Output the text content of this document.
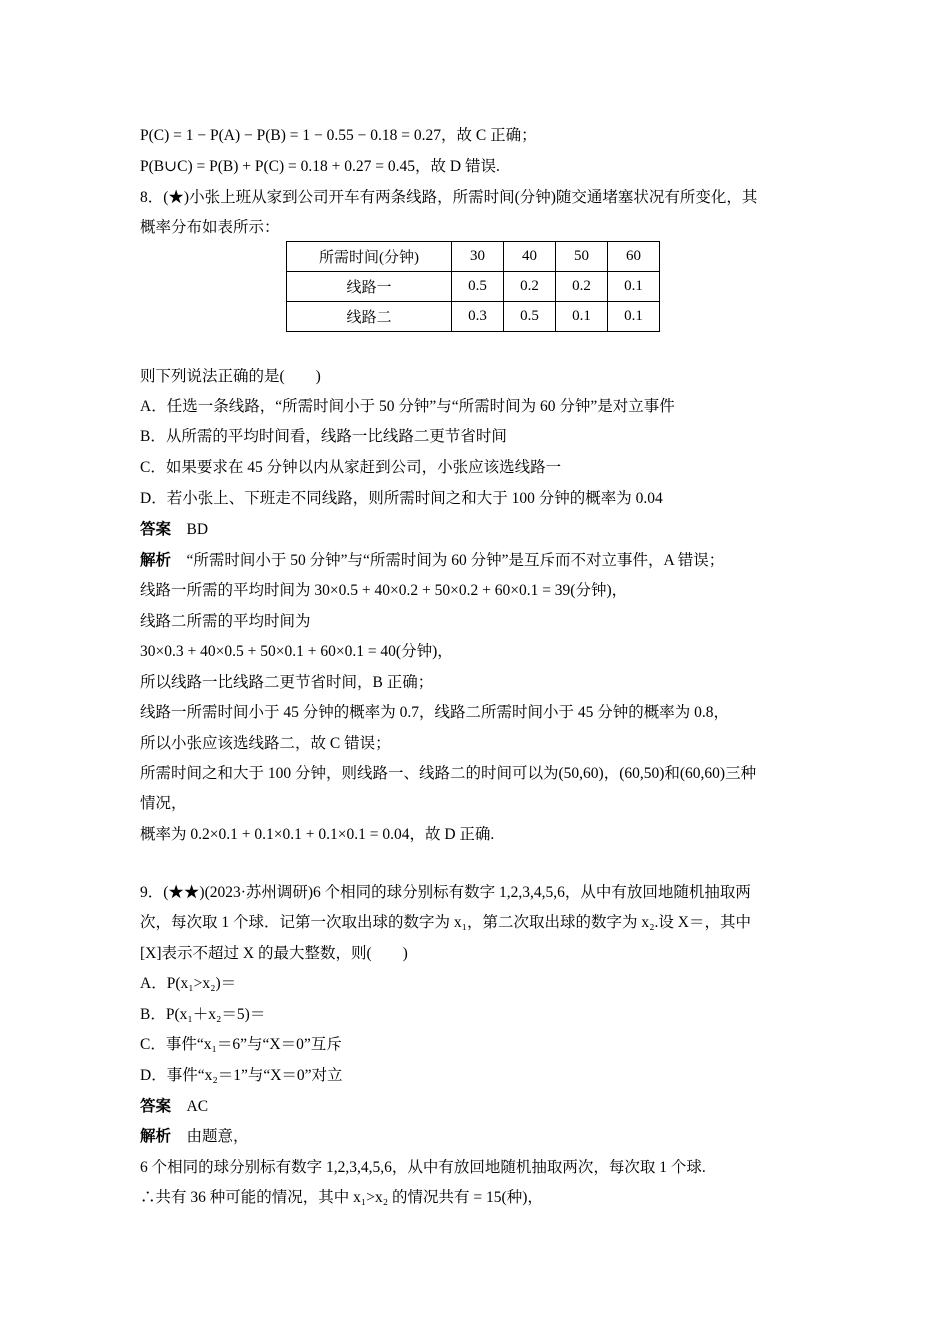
P(C) = 1 − P(A) − P(B) = 1 − 0.55 − 0.18 = 0.27，故 C 正确；
P(B∪C) = P(B) + P(C) = 0.18 + 0.27 = 0.45，故 D 错误.
8．(★)小张上班从家到公司开车有两条线路，所需时间(分钟)随交通堵塞状况有所变化，其
概率分布如表所示：
所需时间(分钟)	30	40	50	60
线路一	0.5	0.2	0.2	0.1
线路二	0.3	0.5	0.1	0.1
则下列说法正确的是(　　)
A．任选一条线路，“所需时间小于 50 分钟”与“所需时间为 60 分钟”是对立事件
B．从所需的平均时间看，线路一比线路二更节省时间
C．如果要求在 45 分钟以内从家赶到公司，小张应该选线路一
D．若小张上、下班走不同线路，则所需时间之和大于 100 分钟的概率为 0.04
答案 BD
解析 “所需时间小于 50 分钟”与“所需时间为 60 分钟”是互斥而不对立事件，A 错误；
线路一所需的平均时间为 30×0.5 + 40×0.2 + 50×0.2 + 60×0.1 = 39(分钟)，
线路二所需的平均时间为
30×0.3 + 40×0.5 + 50×0.1 + 60×0.1 = 40(分钟)，
所以线路一比线路二更节省时间，B 正确；
线路一所需时间小于 45 分钟的概率为 0.7，线路二所需时间小于 45 分钟的概率为 0.8，
所以小张应该选线路二，故 C 错误；
所需时间之和大于 100 分钟，则线路一、线路二的时间可以为(50,60)，(60,50)和(60,60)三种
情况，
概率为 0.2×0.1 + 0.1×0.1 + 0.1×0.1 = 0.04，故 D 正确.
9．(★★)(2023·苏州调研)6 个相同的球分别标有数字 1,2,3,4,5,6，从中有放回地随机抽取两
次，每次取 1 个球．记第一次取出球的数字为 x₁，第二次取出球的数字为 x₂.设 X＝，其中
[X]表示不超过 X 的最大整数，则(　　)
A．P(x₁>x₂)＝
B．P(x₁＋x₂＝5)＝
C．事件“x₁＝6”与“X＝0”互斥
D．事件“x₂＝1”与“X＝0”对立
答案 AC
解析 由题意，
6 个相同的球分别标有数字 1,2,3,4,5,6，从中有放回地随机抽取两次，每次取 1 个球.
∴共有 36 种可能的情况，其中 x₁>x₂ 的情况共有 = 15(种)，
